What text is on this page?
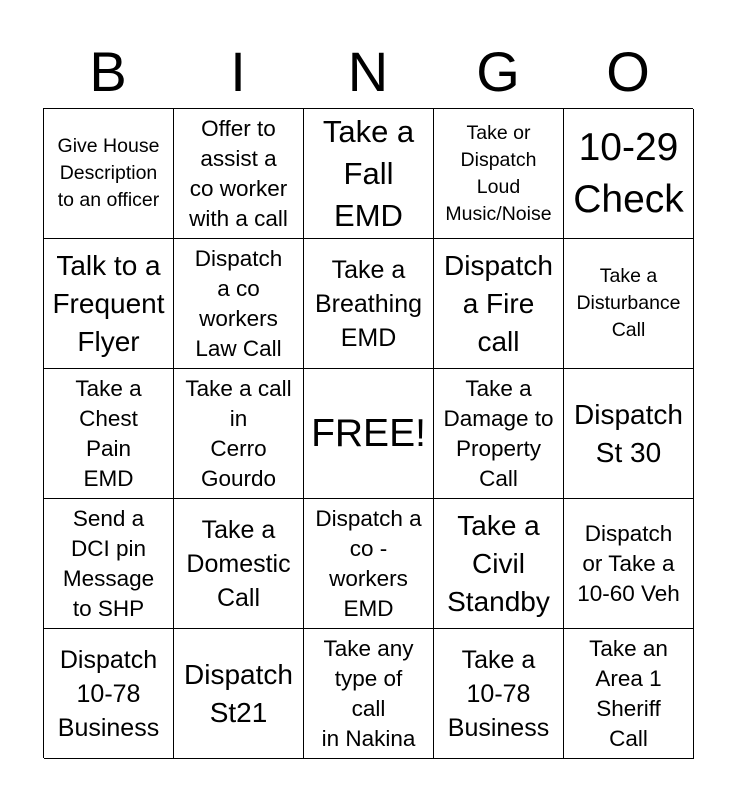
B	I	N	G	O
Give House
Description
to an officer
Offer to
assist a
co worker
with a call
Take a
Fall
EMD
Take or
Dispatch
Loud
Music/Noise
10-29
Check
Talk to a
Frequent
Flyer
Dispatch
a co
workers
Law Call
Take a
Breathing
EMD
Dispatch
a Fire
call
Take a
Disturbance
Call
Take a
Chest
Pain
EMD
Take a call
in
Cerro
Gourdo
FREE!
Take a
Damage to
Property
Call
Dispatch
St 30
Send a
DCI pin
Message
to SHP
Take a
Domestic
Call
Dispatch a
co -
workers
EMD
Take a
Civil
Standby
Dispatch
or Take a
10-60 Veh
Dispatch
10-78
Business
Dispatch
St21
Take any
type of
call
in Nakina
Take a
10-78
Business
Take an
Area 1
Sheriff
Call
